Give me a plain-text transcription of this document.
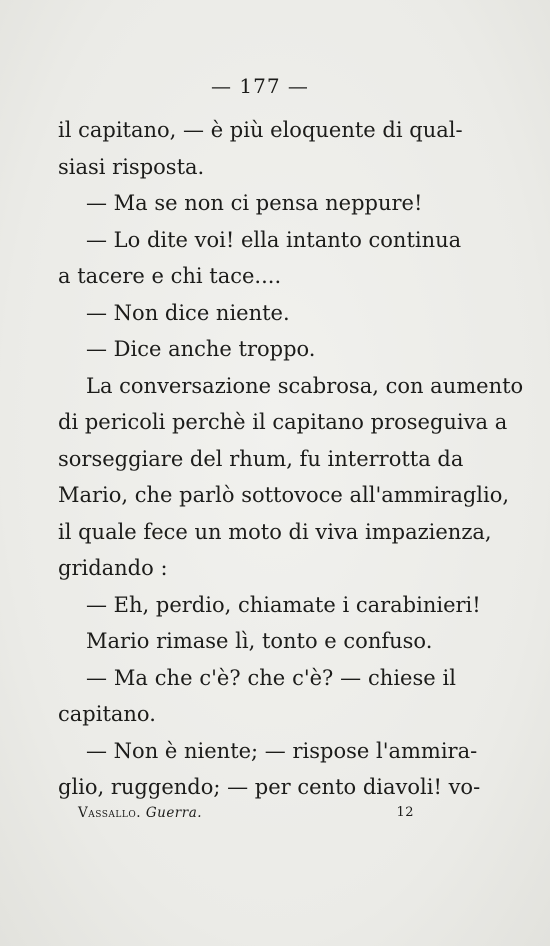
— 177 —
il capitano, — è più eloquente di qual-
siasi risposta.
— Ma se non ci pensa neppure!
— Lo dite voi! ella intanto continua
a tacere e chi tace....
— Non dice niente.
— Dice anche troppo.
La conversazione scabrosa, con aumento
di pericoli perchè il capitano proseguiva a
sorseggiare del rhum, fu interrotta da
Mario, che parlò sottovoce all'ammiraglio,
il quale fece un moto di viva impazienza,
gridando :
— Eh, perdio, chiamate i carabinieri!
Mario rimase lì, tonto e confuso.
— Ma che c'è? che c'è? — chiese il
capitano.
— Non è niente; — rispose l'ammira-
glio, ruggendo; — per cento diavoli! vo-
Vassallo. Guerra.	12
